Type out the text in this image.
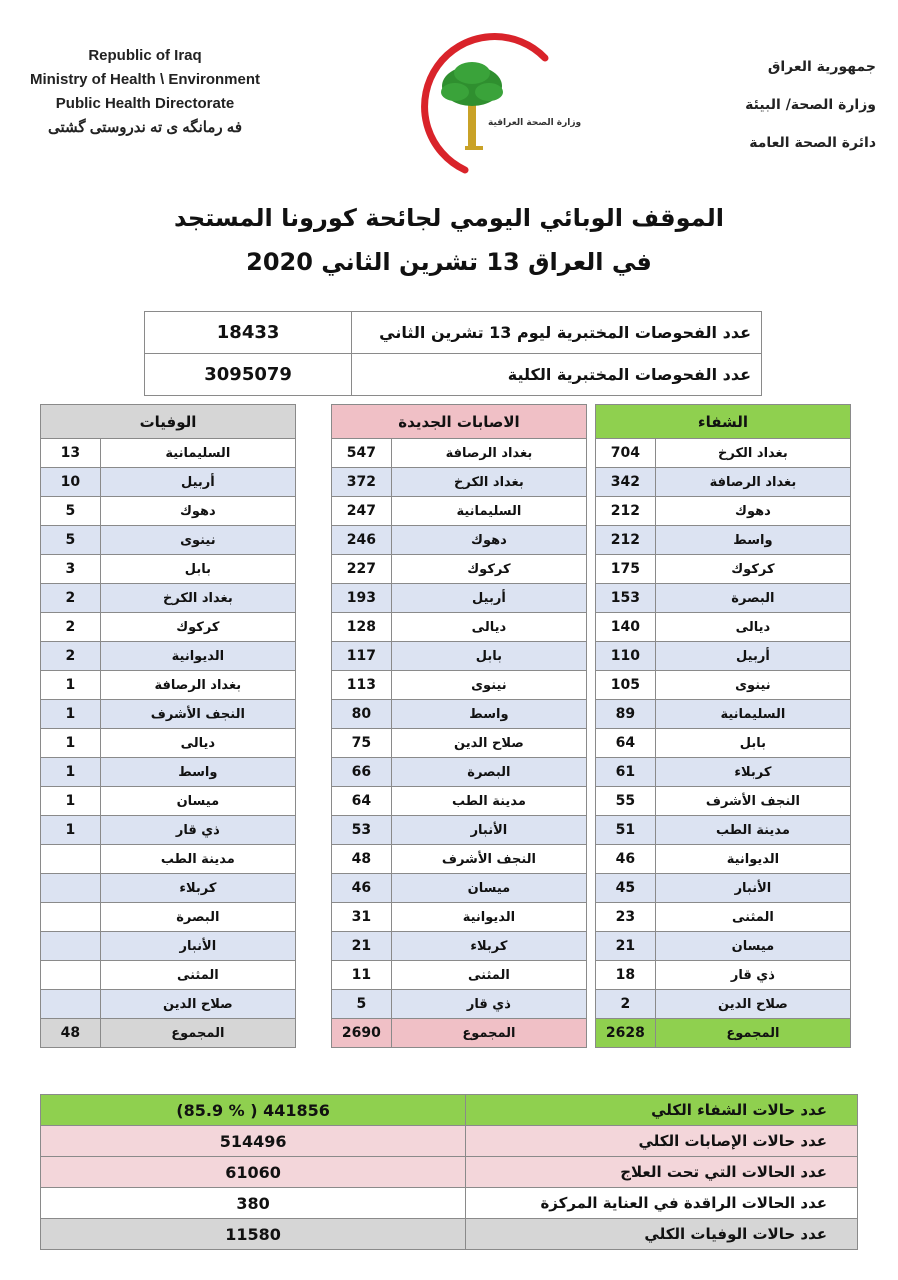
Republic of Iraq
Ministry of Health \ Environment
Public Health Directorate
فه رمانگه ى ته ندروستى گشتى
جمهورية العراق
وزارة الصحة/ البيئة
دائرة الصحة العامة
وزارة الصحة العراقية
الموقف الوبائي اليومي لجائحة كورونا المستجد
في العراق 13 تشرين الثاني 2020
18433	عدد الفحوصات المختبرية ليوم 13 تشرين الثاني
3095079	عدد الفحوصات المختبرية الكلية
الشفاء	
704	بغداد الكرخ
342	بغداد الرصافة
212	دهوك
212	واسط
175	كركوك
153	البصرة
140	ديالى
110	أربيل
105	نينوى
89	السليمانية
64	بابل
61	كربلاء
55	النجف الأشرف
51	مدينة الطب
46	الديوانية
45	الأنبار
23	المثنى
21	ميسان
18	ذي قار
2	صلاح الدين
2628	المجموع
الاصابات الجديدة	
547	بغداد الرصافة
372	بغداد الكرخ
247	السليمانية
246	دهوك
227	كركوك
193	أربيل
128	ديالى
117	بابل
113	نينوى
80	واسط
75	صلاح الدين
66	البصرة
64	مدينة الطب
53	الأنبار
48	النجف الأشرف
46	ميسان
31	الديوانية
21	كربلاء
11	المثنى
5	ذي قار
2690	المجموع
الوفيات	
13	السليمانية
10	أربيل
5	دهوك
5	نينوى
3	بابل
2	بغداد الكرخ
2	كركوك
2	الديوانية
1	بغداد الرصافة
1	النجف الأشرف
1	ديالى
1	واسط
1	ميسان
1	ذي قار
	مدينة الطب
	كربلاء
	البصرة
	الأنبار
	المثنى
	صلاح الدين
48	المجموع
(85.9 % ) 441856	عدد حالات الشفاء الكلي
514496	عدد حالات الإصابات الكلي
61060	عدد الحالات التي تحت العلاج
380	عدد الحالات الراقدة في العناية المركزة
11580	عدد حالات الوفيات الكلي
